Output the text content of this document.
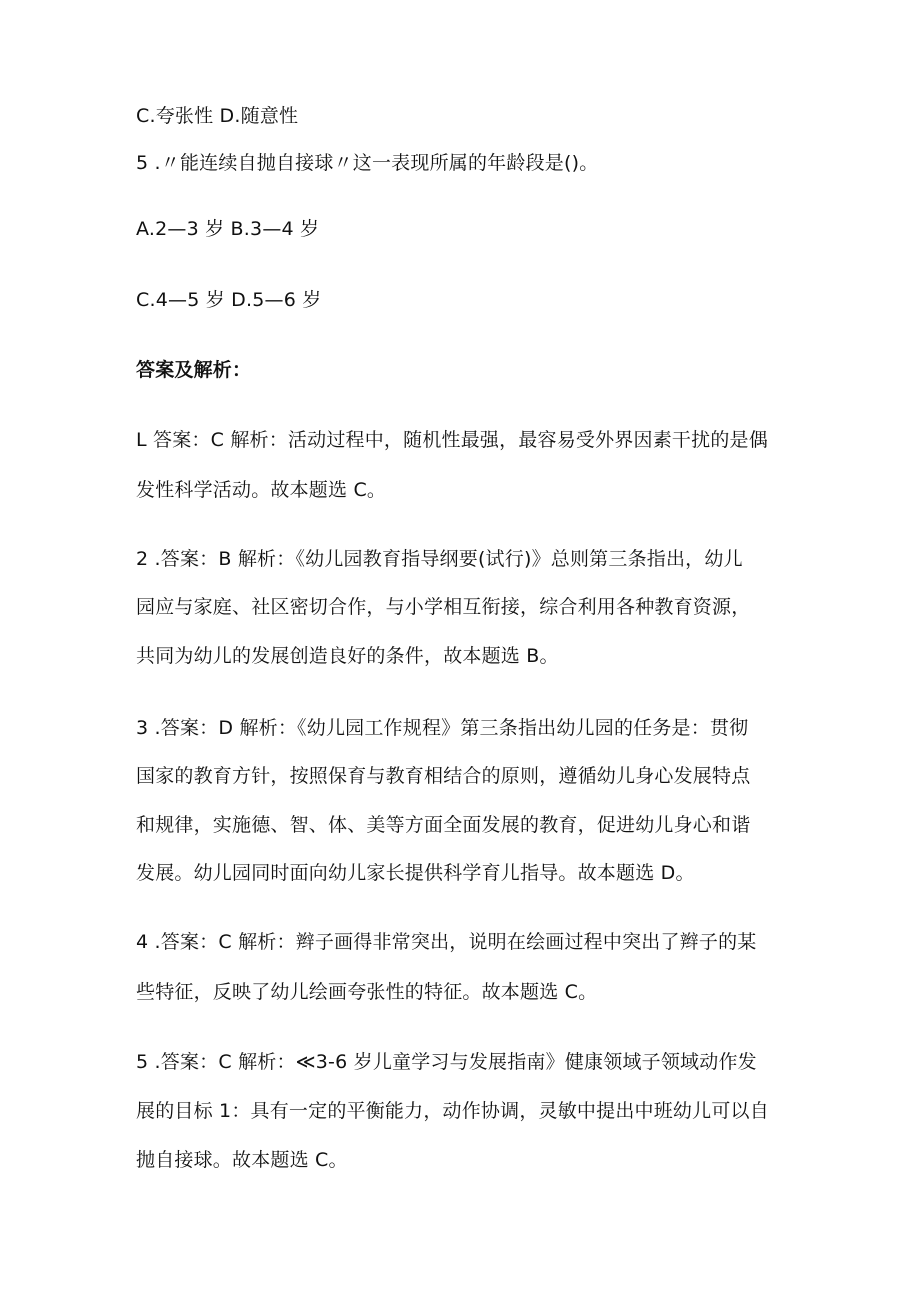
C.夸张性 D.随意性
5 .〃能连续自抛自接球〃这一表现所属的年龄段是()。
A.2—3 岁 B.3—4 岁
C.4—5 岁 D.5—6 岁
答案及解析：
L 答案：C 解析：活动过程中，随机性最强，最容易受外界因素干扰的是偶
发性科学活动。故本题选 C。
2 .答案：B 解析：《幼儿园教育指导纲要(试行)》总则第三条指出，幼儿
园应与家庭、社区密切合作，与小学相互衔接，综合利用各种教育资源，
共同为幼儿的发展创造良好的条件，故本题选 B。
3 .答案：D 解析：《幼儿园工作规程》第三条指出幼儿园的任务是：贯彻
国家的教育方针，按照保育与教育相结合的原则，遵循幼儿身心发展特点
和规律，实施德、智、体、美等方面全面发展的教育，促进幼儿身心和谐
发展。幼儿园同时面向幼儿家长提供科学育儿指导。故本题选 D。
4 .答案：C 解析：辫子画得非常突出，说明在绘画过程中突出了辫子的某
些特征，反映了幼儿绘画夸张性的特征。故本题选 C。
5 .答案：C 解析：≪3-6 岁儿童学习与发展指南》健康领域子领域动作发
展的目标 1：具有一定的平衡能力，动作协调，灵敏中提出中班幼儿可以自
抛自接球。故本题选 C。
